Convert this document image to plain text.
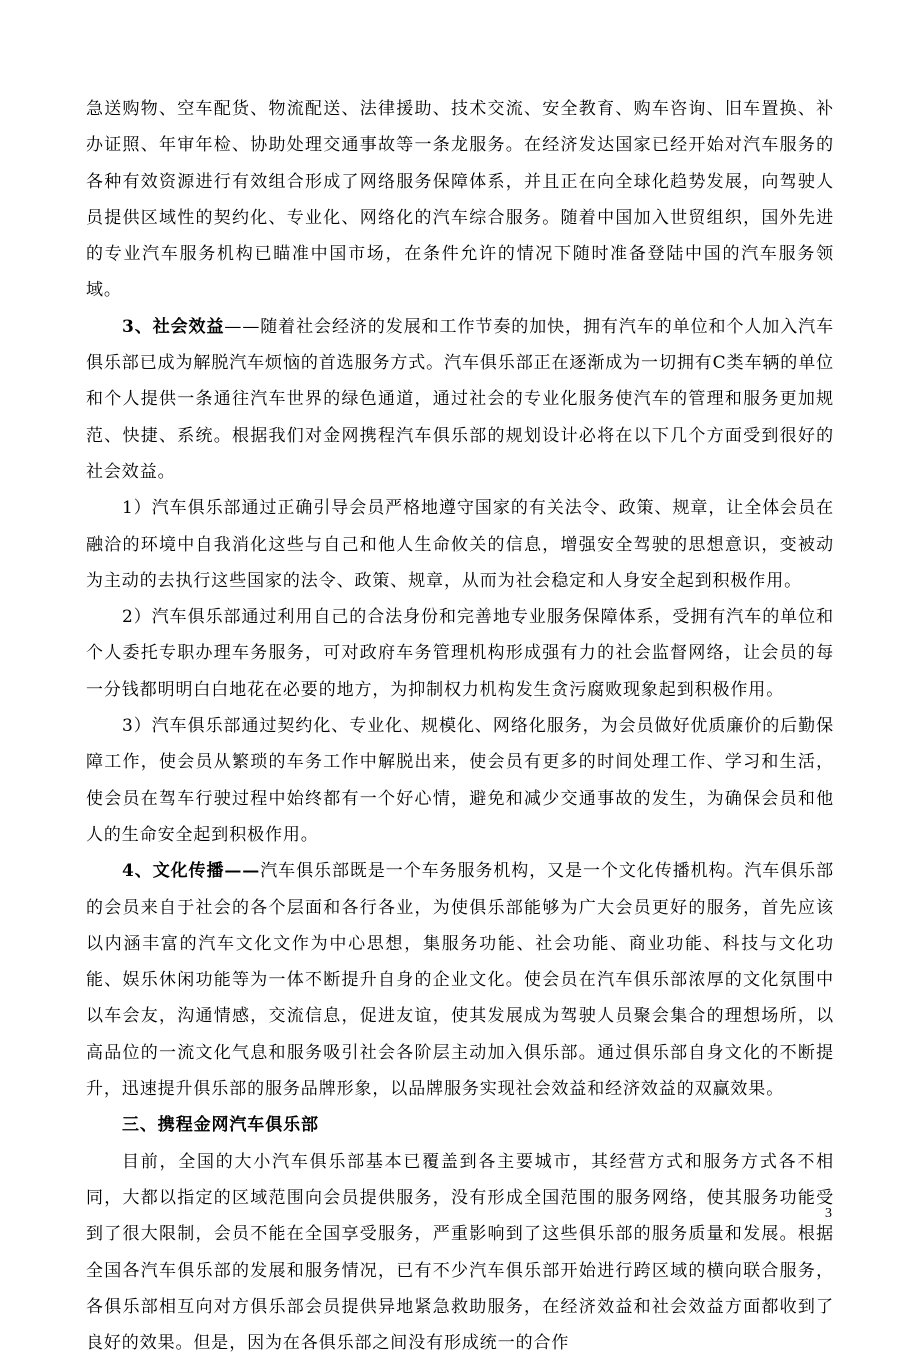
急送购物、空车配货、物流配送、法律援助、技术交流、安全教育、购车咨询、旧车置换、补办证照、年审年检、协助处理交通事故等一条龙服务。在经济发达国家已经开始对汽车服务的各种有效资源进行有效组合形成了网络服务保障体系，并且正在向全球化趋势发展，向驾驶人员提供区域性的契约化、专业化、网络化的汽车综合服务。随着中国加入世贸组织，国外先进的专业汽车服务机构已瞄准中国市场，在条件允许的情况下随时准备登陆中国的汽车服务领域。

3、社会效益——随着社会经济的发展和工作节奏的加快，拥有汽车的单位和个人加入汽车俱乐部已成为解脱汽车烦恼的首选服务方式。汽车俱乐部正在逐渐成为一切拥有C类车辆的单位和个人提供一条通往汽车世界的绿色通道，通过社会的专业化服务使汽车的管理和服务更加规范、快捷、系统。根据我们对金网携程汽车俱乐部的规划设计必将在以下几个方面受到很好的社会效益。

1）汽车俱乐部通过正确引导会员严格地遵守国家的有关法令、政策、规章，让全体会员在融洽的环境中自我消化这些与自己和他人生命攸关的信息，增强安全驾驶的思想意识，变被动为主动的去执行这些国家的法令、政策、规章，从而为社会稳定和人身安全起到积极作用。

2）汽车俱乐部通过利用自己的合法身份和完善地专业服务保障体系，受拥有汽车的单位和个人委托专职办理车务服务，可对政府车务管理机构形成强有力的社会监督网络，让会员的每一分钱都明明白白地花在必要的地方，为抑制权力机构发生贪污腐败现象起到积极作用。

3）汽车俱乐部通过契约化、专业化、规模化、网络化服务，为会员做好优质廉价的后勤保障工作，使会员从繁琐的车务工作中解脱出来，使会员有更多的时间处理工作、学习和生活，使会员在驾车行驶过程中始终都有一个好心情，避免和减少交通事故的发生，为确保会员和他人的生命安全起到积极作用。

4、文化传播——汽车俱乐部既是一个车务服务机构，又是一个文化传播机构。汽车俱乐部的会员来自于社会的各个层面和各行各业，为使俱乐部能够为广大会员更好的服务，首先应该以内涵丰富的汽车文化文作为中心思想，集服务功能、社会功能、商业功能、科技与文化功能、娱乐休闲功能等为一体不断提升自身的企业文化。使会员在汽车俱乐部浓厚的文化氛围中以车会友，沟通情感，交流信息，促进友谊，使其发展成为驾驶人员聚会集合的理想场所，以高品位的一流文化气息和服务吸引社会各阶层主动加入俱乐部。通过俱乐部自身文化的不断提升，迅速提升俱乐部的服务品牌形象，以品牌服务实现社会效益和经济效益的双赢效果。

三、携程金网汽车俱乐部

目前，全国的大小汽车俱乐部基本已覆盖到各主要城市，其经营方式和服务方式各不相同，大都以指定的区域范围向会员提供服务，没有形成全国范围的服务网络，使其服务功能受到了很大限制，会员不能在全国享受服务，严重影响到了这些俱乐部的服务质量和发展。根据全国各汽车俱乐部的发展和服务情况，已有不少汽车俱乐部开始进行跨区域的横向联合服务，各俱乐部相互向对方俱乐部会员提供异地紧急救助服务，在经济效益和社会效益方面都收到了良好的效果。但是，因为在各俱乐部之间没有形成统一的合作

3
